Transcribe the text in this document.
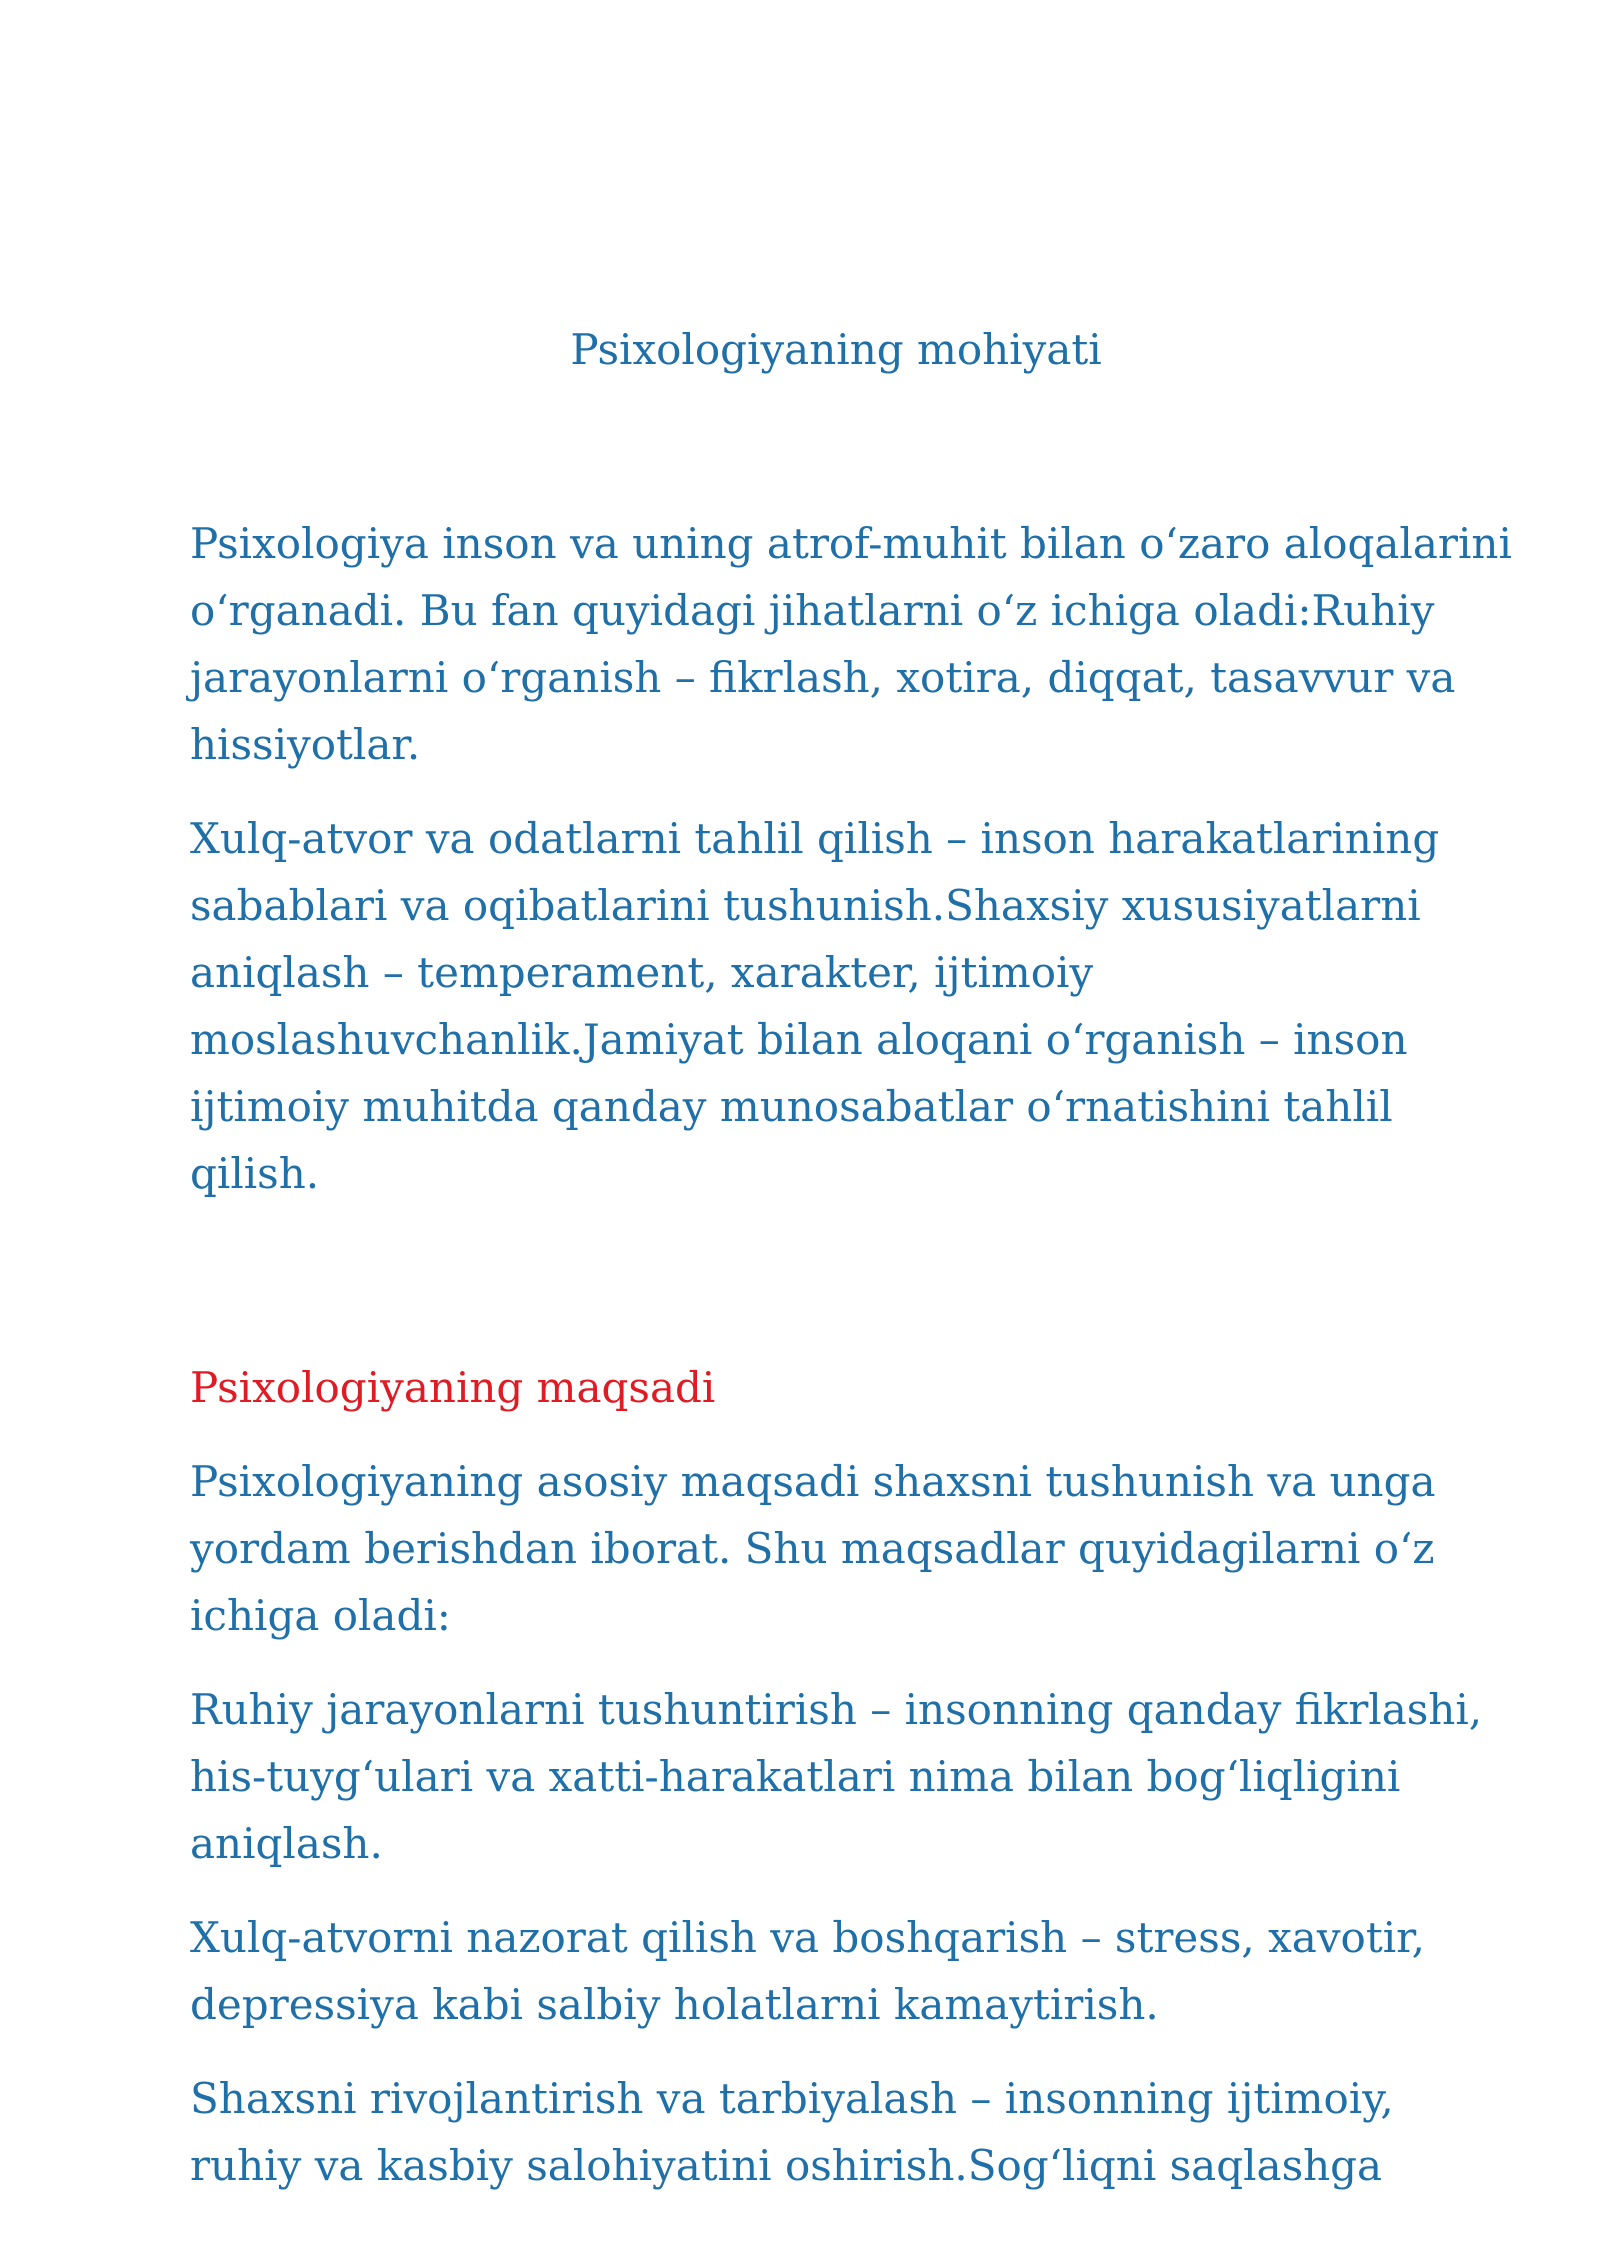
Psixologiyaning mohiyati

Psixologiya inson va uning atrof-muhit bilan o‘zaro aloqalarini
o‘rganadi. Bu fan quyidagi jihatlarni o‘z ichiga oladi:Ruhiy
jarayonlarni o‘rganish – fikrlash, xotira, diqqat, tasavvur va
hissiyotlar.

Xulq-atvor va odatlarni tahlil qilish – inson harakatlarining
sabablari va oqibatlarini tushunish.Shaxsiy xususiyatlarni
aniqlash – temperament, xarakter, ijtimoiy
moslashuvchanlik.Jamiyat bilan aloqani o‘rganish – inson
ijtimoiy muhitda qanday munosabatlar o‘rnatishini tahlil
qilish.

Psixologiyaning maqsadi

Psixologiyaning asosiy maqsadi shaxsni tushunish va unga
yordam berishdan iborat. Shu maqsadlar quyidagilarni o‘z
ichiga oladi:

Ruhiy jarayonlarni tushuntirish – insonning qanday fikrlashi,
his-tuyg‘ulari va xatti-harakatlari nima bilan bog‘liqligini
aniqlash.

Xulq-atvorni nazorat qilish va boshqarish – stress, xavotir,
depressiya kabi salbiy holatlarni kamaytirish.

Shaxsni rivojlantirish va tarbiyalash – insonning ijtimoiy,
ruhiy va kasbiy salohiyatini oshirish.Sog‘liqni saqlashga
